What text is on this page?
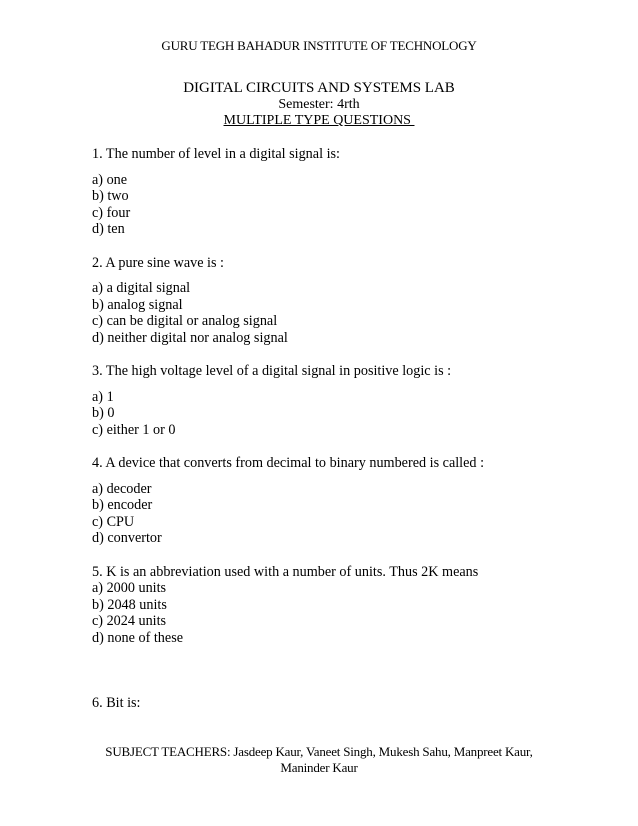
GURU TEGH BAHADUR INSTITUTE OF TECHNOLOGY
DIGITAL CIRCUITS AND SYSTEMS LAB
Semester: 4rth
MULTIPLE TYPE QUESTIONS

1. The number of level in a digital signal is:

a) one
b) two
c) four
d) ten

2. A pure sine wave is :

a) a digital signal
b) analog signal
c) can be digital or analog signal
d) neither digital nor analog signal

3. The high voltage level of a digital signal in positive logic is :

a) 1
b) 0
c) either 1 or 0

4. A device that converts from decimal to binary numbered is called :

a) decoder
b) encoder
c) CPU
d) convertor

5. K is an abbreviation used with a number of units. Thus 2K means

a) 2000 units
b) 2048 units
c) 2024 units
d) none of these

6. Bit is:

SUBJECT TEACHERS: Jasdeep Kaur, Vaneet Singh, Mukesh Sahu, Manpreet Kaur,
Maninder Kaur
